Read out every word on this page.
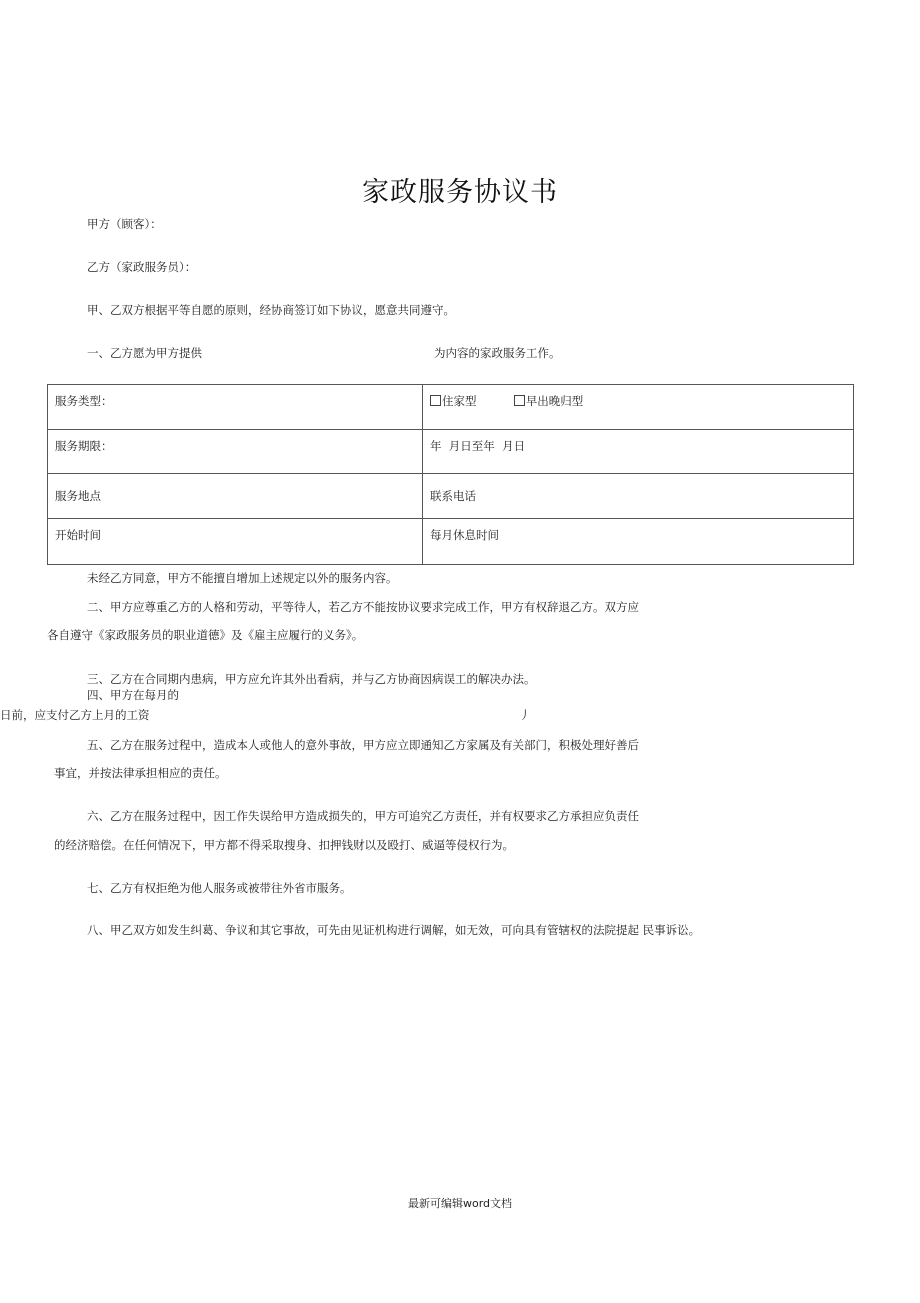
家政服务协议书
甲方（顾客）：
乙方（家政服务员）：
甲、乙双方根据平等自愿的原则，经协商签订如下协议，愿意共同遵守。
一、乙方愿为甲方提供	为内容的家政服务工作。
服务类型：	住家型 早出晚归型
服务期限：	年  月日至年  月日
服务地点	联系电话
开始时间	每月休息时间
未经乙方同意，甲方不能擅自增加上述规定以外的服务内容。
二、甲方应尊重乙方的人格和劳动，平等待人，若乙方不能按协议要求完成工作，甲方有权辞退乙方。双方应
各自遵守《家政服务员的职业道德》及《雇主应履行的义务》。
三、乙方在合同期内患病，甲方应允许其外出看病，并与乙方协商因病误工的解决办法。
四、甲方在每月的
日前，应支付乙方上月的工资	丿
五、乙方在服务过程中，造成本人或他人的意外事故，甲方应立即通知乙方家属及有关部门，积极处理好善后
事宜，并按法律承担相应的责任。
六、乙方在服务过程中，因工作失误给甲方造成损失的，甲方可追究乙方责任，并有权要求乙方承担应负责任
的经济赔偿。在任何情况下，甲方都不得采取搜身、扣押钱财以及殴打、威逼等侵权行为。
七、乙方有权拒绝为他人服务或被带往外省市服务。
八、甲乙双方如发生纠葛、争议和其它事故，可先由见证机构进行调解，如无效，可向具有管辖权的法院提起 民事诉讼。
最新可编辑word文档
